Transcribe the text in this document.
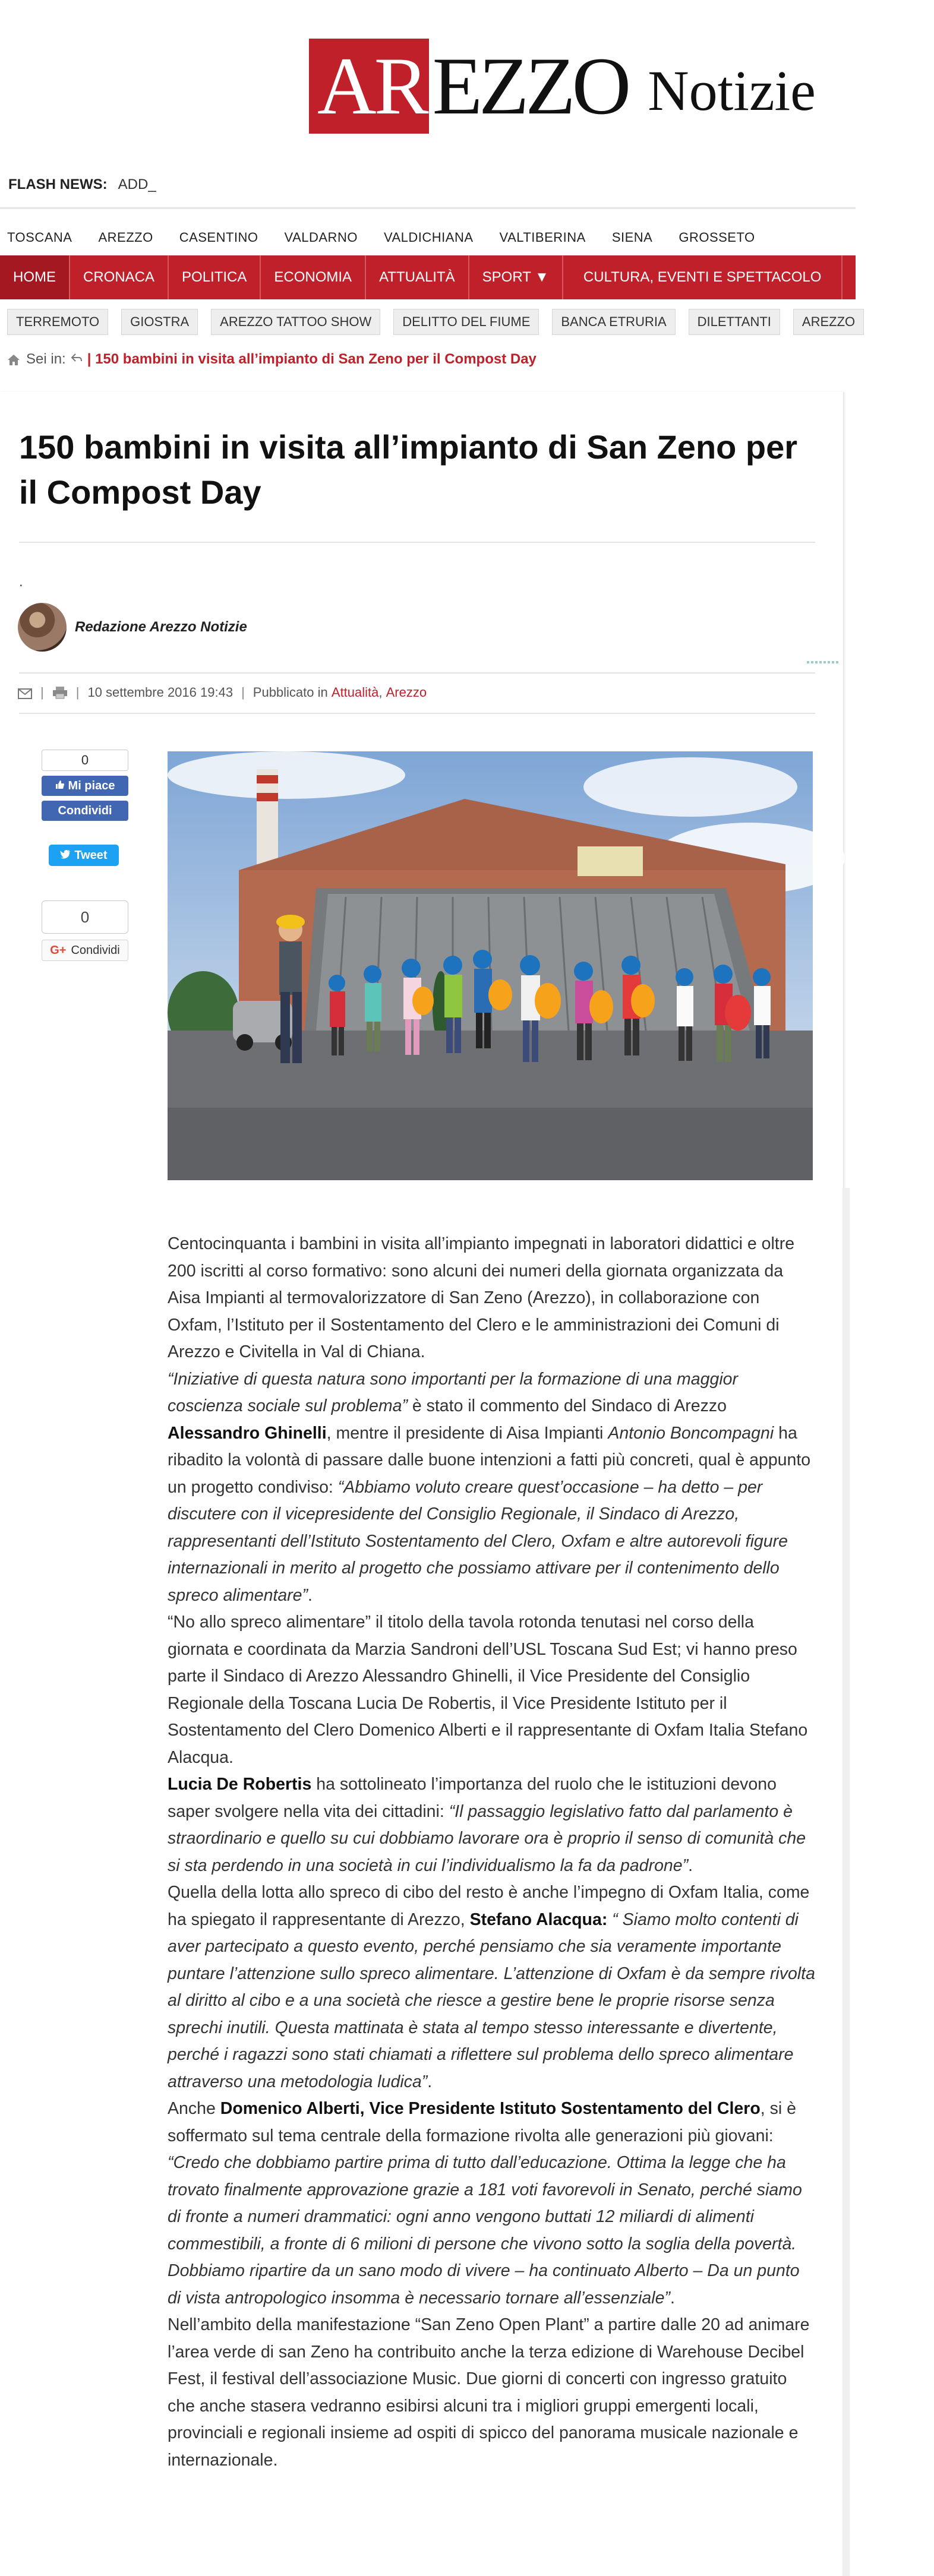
AR EZZO Notizie
FLASH NEWS: ADD_
TOSCANA AREZZO CASENTINO VALDARNO VALDICHIANA VALTIBERINA SIENA GROSSETO
HOME	CRONACA	POLITICA	ECONOMIA	ATTUALITÀ	SPORT ▼	CULTURA, EVENTI E SPETTACOLO	RUBRICH
TERREMOTO	GIOSTRA	AREZZO TATTOO SHOW	DELITTO DEL FIUME	BANCA ETRURIA	DILETTANTI	AREZZO
Sei in: | 150 bambini in visita all’impianto di San Zeno per il Compost Day
150 bambini in visita all’impianto di San Zeno per il Compost Day
.
Redazione Arezzo Notizie
| | 10 settembre 2016 19:43 | Pubblicato in
Attualità , Arezzo
0
Mi piace
Condividi
Tweet
0
G+ Condividi

Centocinquanta i bambini in visita all’impianto impegnati in laboratori didattici e oltre 200 iscritti al corso formativo: sono alcuni dei numeri della giornata organizzata da Aisa Impianti al termovalorizzatore di San Zeno (Arezzo), in collaborazione con Oxfam, l’Istituto per il Sostentamento del Clero e le amministrazioni dei Comuni di Arezzo e Civitella in Val di Chiana.

“Iniziative di questa natura sono importanti per la formazione di una maggior coscienza sociale sul problema” è stato il commento del Sindaco di Arezzo Alessandro Ghinelli, mentre il presidente di Aisa Impianti Antonio Boncompagni ha ribadito la volontà di passare dalle buone intenzioni a fatti più concreti, qual è appunto un progetto condiviso: “Abbiamo voluto creare quest’occasione – ha detto – per discutere con il vicepresidente del Consiglio Regionale, il Sindaco di Arezzo, rappresentanti dell’Istituto Sostentamento del Clero, Oxfam e altre autorevoli figure internazionali in merito al progetto che possiamo attivare per il contenimento dello spreco alimentare”.

“No allo spreco alimentare” il titolo della tavola rotonda tenutasi nel corso della giornata e coordinata da Marzia Sandroni dell’USL Toscana Sud Est; vi hanno preso parte il Sindaco di Arezzo Alessandro Ghinelli, il Vice Presidente del Consiglio Regionale della Toscana Lucia De Robertis, il Vice Presidente Istituto per il Sostentamento del Clero Domenico Alberti e il rappresentante di Oxfam Italia Stefano Alacqua.

Lucia De Robertis ha sottolineato l’importanza del ruolo che le istituzioni devono saper svolgere nella vita dei cittadini: “Il passaggio legislativo fatto dal parlamento è straordinario e quello su cui dobbiamo lavorare ora è proprio il senso di comunità che si sta perdendo in una società in cui l’individualismo la fa da padrone”.

Quella della lotta allo spreco di cibo del resto è anche l’impegno di Oxfam Italia, come ha spiegato il rappresentante di Arezzo, Stefano Alacqua: “ Siamo molto contenti di aver partecipato a questo evento, perché pensiamo che sia veramente importante puntare l’attenzione sullo spreco alimentare. L’attenzione di Oxfam è da sempre rivolta al diritto al cibo e a una società che riesce a gestire bene le proprie risorse senza sprechi inutili. Questa mattinata è stata al tempo stesso interessante e divertente, perché i ragazzi sono stati chiamati a riflettere sul problema dello spreco alimentare attraverso una metodologia ludica”.

Anche Domenico Alberti, Vice Presidente Istituto Sostentamento del Clero, si è soffermato sul tema centrale della formazione rivolta alle generazioni più giovani: “Credo che dobbiamo partire prima di tutto dall’educazione. Ottima la legge che ha trovato finalmente approvazione grazie a 181 voti favorevoli in Senato, perché siamo di fronte a numeri drammatici: ogni anno vengono buttati 12 miliardi di alimenti commestibili, a fronte di 6 milioni di persone che vivono sotto la soglia della povertà. Dobbiamo ripartire da un sano modo di vivere – ha continuato Alberto – Da un punto di vista antropologico insomma è necessario tornare all’essenziale”.

Nell’ambito della manifestazione “San Zeno Open Plant” a partire dalle 20 ad animare l’area verde di san Zeno ha contribuito anche la terza edizione di Warehouse Decibel Fest, il festival dell’associazione Music. Due giorni di concerti con ingresso gratuito che anche stasera vedranno esibirsi alcuni tra i migliori gruppi emergenti locali, provinciali e regionali insieme ad ospiti di spicco del panorama musicale nazionale e internazionale.
